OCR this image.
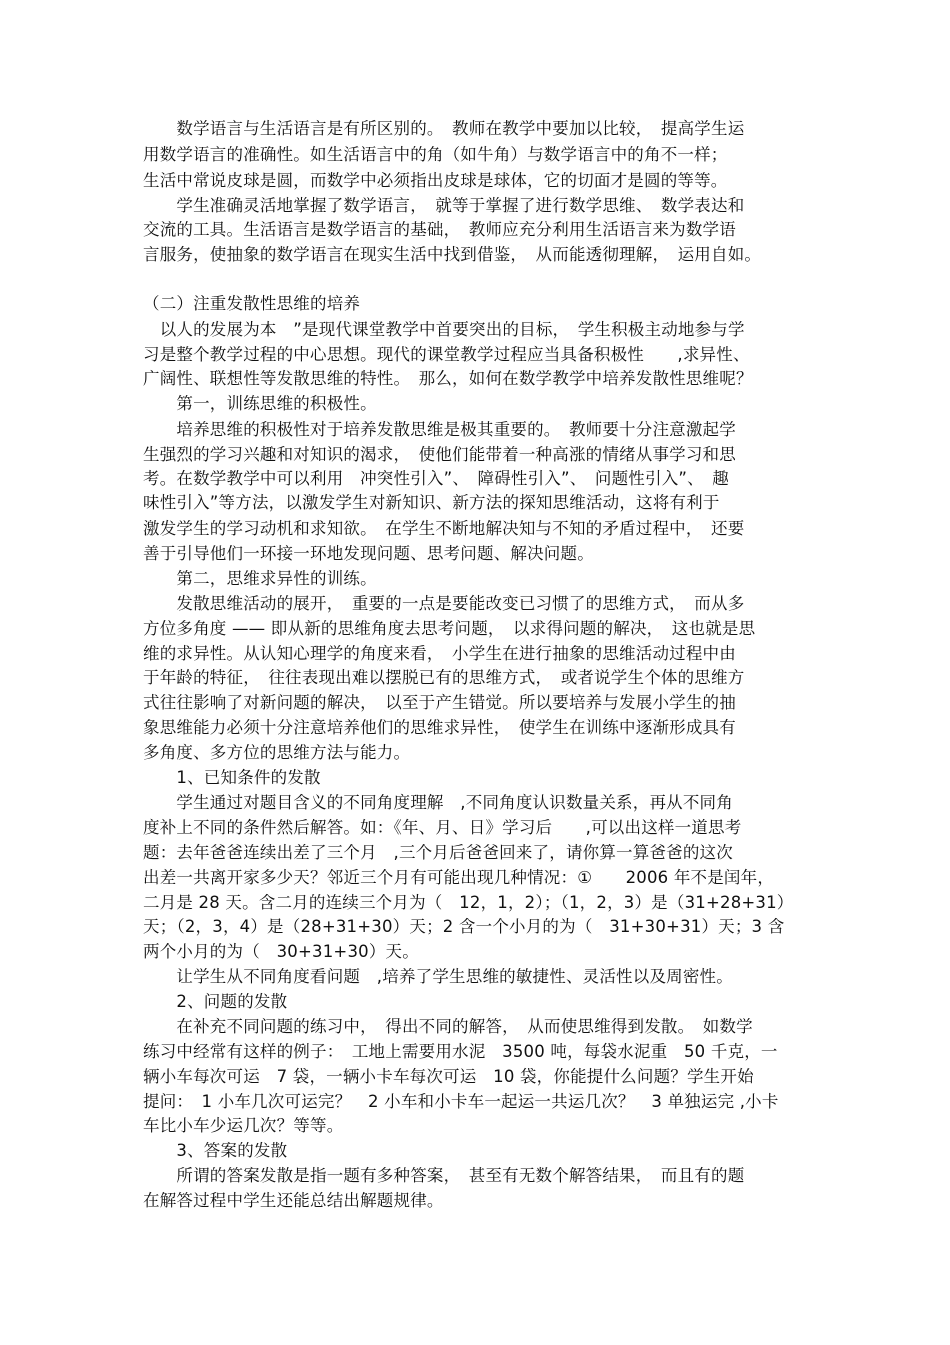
　　数学语言与生活语言是有所区别的。　教师在教学中要加以比较，　提高学生运
用数学语言的准确性。如生活语言中的角（如牛角）与数学语言中的角不一样；
生活中常说皮球是圆，而数学中必须指出皮球是球体，它的切面才是圆的等等。
　　学生准确灵活地掌握了数学语言，　就等于掌握了进行数学思维、　数学表达和
交流的工具。生活语言是数学语言的基础，　教师应充分利用生活语言来为数学语
言服务，使抽象的数学语言在现实生活中找到借鉴，　从而能透彻理解，　运用自如。
（二）注重发散性思维的培养
　以人的发展为本　”是现代课堂教学中首要突出的目标，　学生积极主动地参与学
习是整个教学过程的中心思想。现代的课堂教学过程应当具备积极性　　,求异性、
广阔性、联想性等发散思维的特性。　那么，如何在数学教学中培养发散性思维呢？
　　第一，训练思维的积极性。
　　培养思维的积极性对于培养发散思维是极其重要的。　教师要十分注意激起学
生强烈的学习兴趣和对知识的渴求，　使他们能带着一种高涨的情绪从事学习和思
考。在数学教学中可以利用　冲突性引入”、　障碍性引入”、　问题性引入”、　趣
味性引入”等方法，以激发学生对新知识、新方法的探知思维活动，这将有利于
激发学生的学习动机和求知欲。　在学生不断地解决知与不知的矛盾过程中，　还要
善于引导他们一环接一环地发现问题、思考问题、解决问题。
　　第二，思维求异性的训练。
　　发散思维活动的展开，　重要的一点是要能改变已习惯了的思维方式，　而从多
方位多角度 —— 即从新的思维角度去思考问题，　以求得问题的解决，　这也就是思
维的求异性。从认知心理学的角度来看，　小学生在进行抽象的思维活动过程中由
于年龄的特征，　往往表现出难以摆脱已有的思维方式，　或者说学生个体的思维方
式往往影响了对新问题的解决，　以至于产生错觉。所以要培养与发展小学生的抽
象思维能力必须十分注意培养他们的思维求异性，　使学生在训练中逐渐形成具有
多角度、多方位的思维方法与能力。
　　1、已知条件的发散
　　学生通过对题目含义的不同角度理解　,不同角度认识数量关系，再从不同角
度补上不同的条件然后解答。如：《年、月、日》学习后　　,可以出这样一道思考
题：去年爸爸连续出差了三个月　,三个月后爸爸回来了，请你算一算爸爸的这次
出差一共离开家多少天？邻近三个月有可能出现几种情况：①　　2006 年不是闰年，
二月是 28 天。含二月的连续三个月为（　12，1，2）；（1，2，3）是（31+28+31）
天；（2，3，4）是（28+31+30）天；2 含一个小月的为（　31+30+31）天；3 含
两个小月的为（　30+31+30）天。
　　让学生从不同角度看问题　,培养了学生思维的敏捷性、灵活性以及周密性。
　　2、问题的发散
　　在补充不同问题的练习中，　得出不同的解答，　从而使思维得到发散。　如数学
练习中经常有这样的例子：　工地上需要用水泥　3500 吨，每袋水泥重　50 千克，一
辆小车每次可运　7 袋，一辆小卡车每次可运　10 袋，你能提什么问题？学生开始
提问：　1 小车几次可运完？　2 小车和小卡车一起运一共运几次？　3 单独运完 ,小卡
车比小车少运几次？等等。
　　3、答案的发散
　　所谓的答案发散是指一题有多种答案，　甚至有无数个解答结果，　而且有的题
在解答过程中学生还能总结出解题规律。
